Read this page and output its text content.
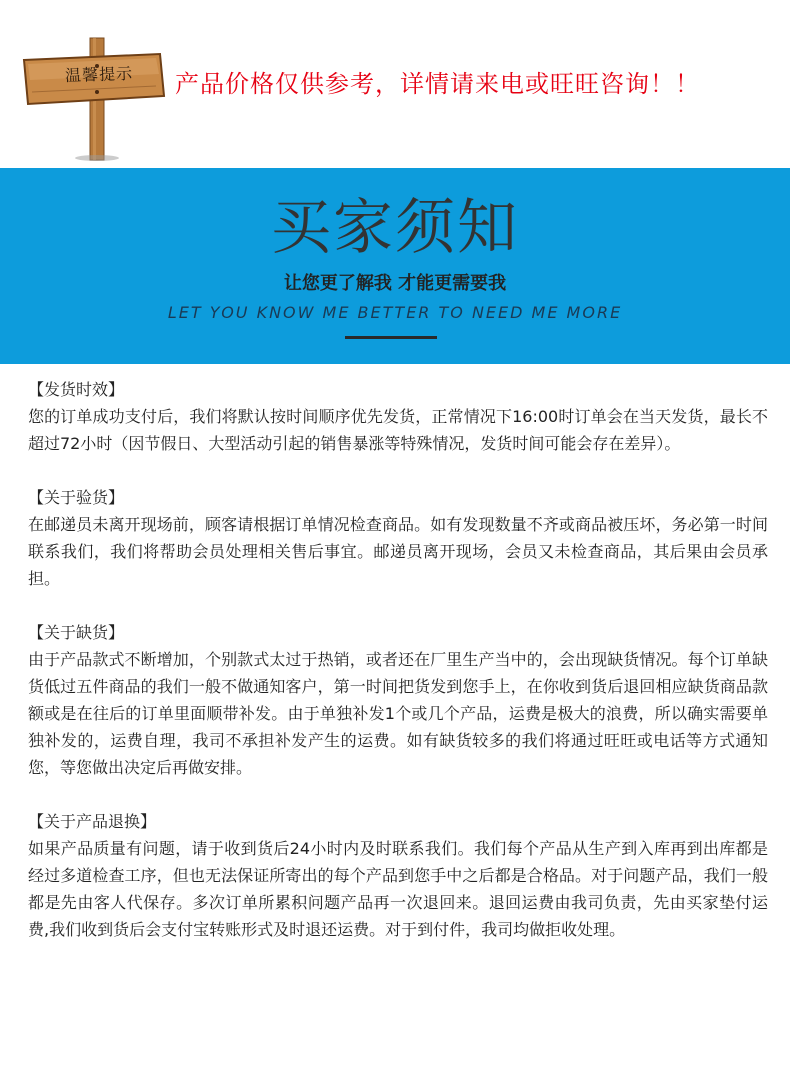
温馨提示	产品价格仅供参考，详情请来电或旺旺咨询！！
买家须知
让您更了解我 才能更需要我
LET YOU KNOW ME BETTER TO NEED ME MORE
【发货时效】
您的订单成功支付后，我们将默认按时间顺序优先发货，正常情况下16:00时订单会在当天发货，最长不超过72小时（因节假日、大型活动引起的销售暴涨等特殊情况，发货时间可能会存在差异）。
【关于验货】
在邮递员未离开现场前，顾客请根据订单情况检查商品。如有发现数量不齐或商品被压坏，务必第一时间联系我们，我们将帮助会员处理相关售后事宜。邮递员离开现场，会员又未检查商品，其后果由会员承担。
【关于缺货】
由于产品款式不断增加，个别款式太过于热销，或者还在厂里生产当中的，会出现缺货情况。每个订单缺货低过五件商品的我们一般不做通知客户，第一时间把货发到您手上，在你收到货后退回相应缺货商品款额或是在往后的订单里面顺带补发。由于单独补发1个或几个产品，运费是极大的浪费，所以确实需要单独补发的，运费自理，我司不承担补发产生的运费。如有缺货较多的我们将通过旺旺或电话等方式通知您，等您做出决定后再做安排。
【关于产品退换】
如果产品质量有问题，请于收到货后24小时内及时联系我们。我们每个产品从生产到入库再到出库都是经过多道检查工序，但也无法保证所寄出的每个产品到您手中之后都是合格品。对于问题产品，我们一般都是先由客人代保存。多次订单所累积问题产品再一次退回来。退回运费由我司负责，先由买家垫付运费,我们收到货后会支付宝转账形式及时退还运费。对于到付件，我司均做拒收处理。
